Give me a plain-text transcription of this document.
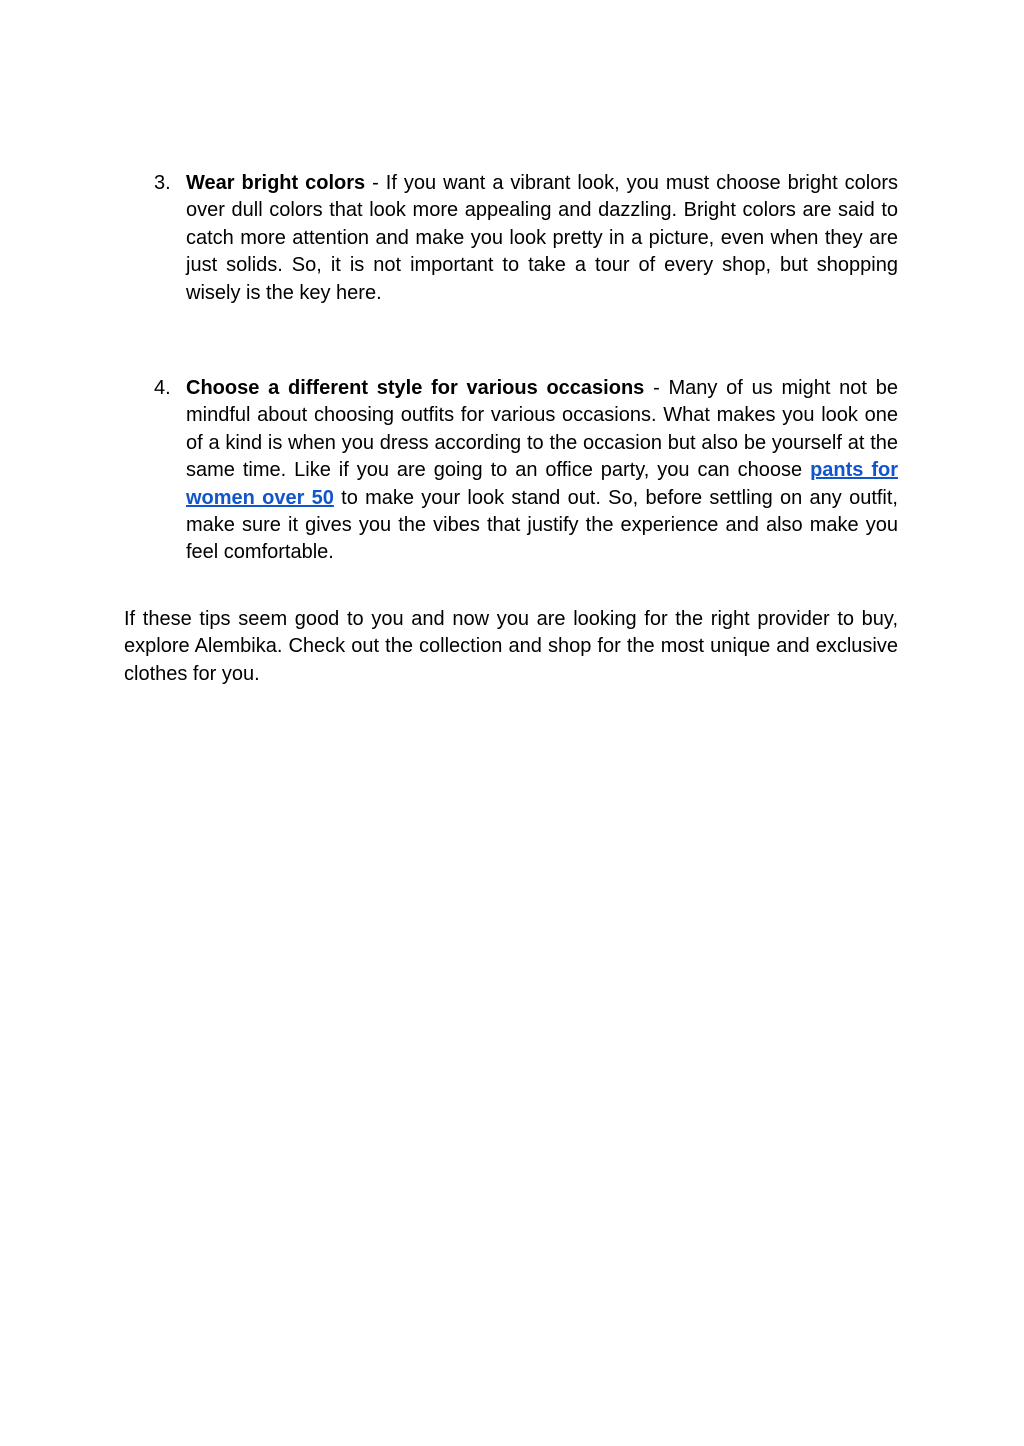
3. Wear bright colors - If you want a vibrant look, you must choose bright colors over dull colors that look more appealing and dazzling. Bright colors are said to catch more attention and make you look pretty in a picture, even when they are just solids. So, it is not important to take a tour of every shop, but shopping wisely is the key here.
4. Choose a different style for various occasions - Many of us might not be mindful about choosing outfits for various occasions. What makes you look one of a kind is when you dress according to the occasion but also be yourself at the same time. Like if you are going to an office party, you can choose pants for women over 50 to make your look stand out. So, before settling on any outfit, make sure it gives you the vibes that justify the experience and also make you feel comfortable.

If these tips seem good to you and now you are looking for the right provider to buy, explore Alembika. Check out the collection and shop for the most unique and exclusive clothes for you.
